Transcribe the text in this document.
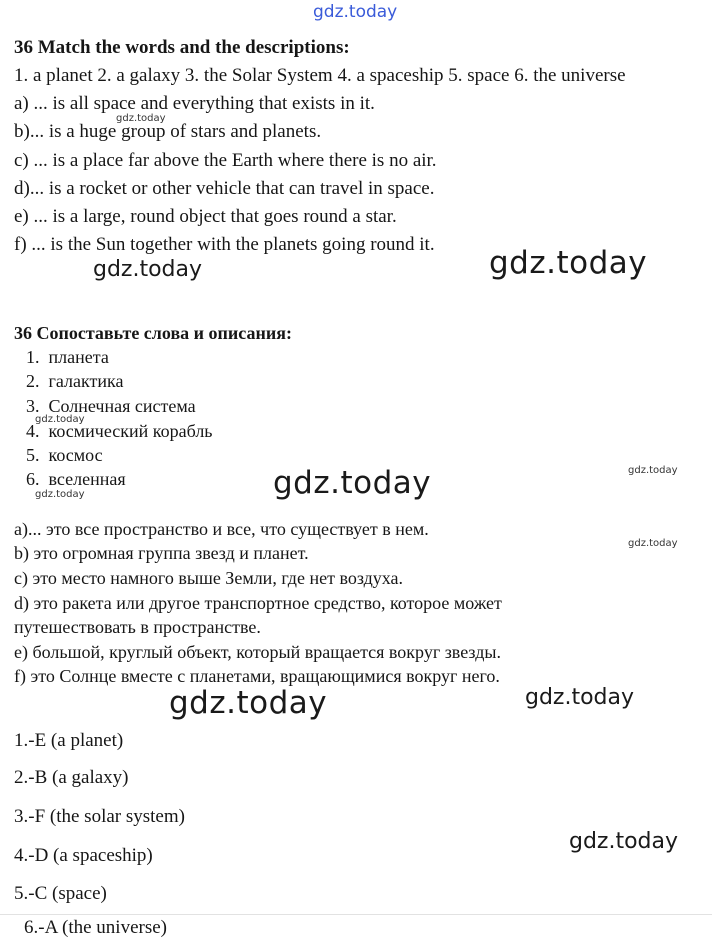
gdz.today
gdz.today
gdz.today	gdz.today
gdz.today
gdz.today
gdz.today
gdz.today
gdz.today
gdz.today	gdz.today
gdz.today
36 Match the words and the descriptions:
1. a planet 2. a galaxy 3. the Solar System 4. a spaceship 5. space 6. the universe
a) ... is all space and everything that exists in it.
b)... is a huge group of stars and planets.
c) ... is a place far above the Earth where there is no air.
d)... is a rocket or other vehicle that can travel in space.
e) ... is a large, round object that goes round a star.
f) ... is the Sun together with the planets going round it.
36 Сопоставьте слова и описания:
1. планета
2. галактика
3. Солнечная система
4. космический корабль
5. космос
6. вселенная
a)... это все пространство и все, что существует в нем.
b) это огромная группа звезд и планет.
c) это место намного выше Земли, где нет воздуха.
d) это ракета или другое транспортное средство, которое может
путешествовать в пространстве.
e) большой, круглый объект, который вращается вокруг звезды.
f) это Солнце вместе с планетами, вращающимися вокруг него.
1.-E (a planet)
2.-B (a galaxy)
3.-F (the solar system)
4.-D (a spaceship)
5.-C (space)
6.-A (the universe)
